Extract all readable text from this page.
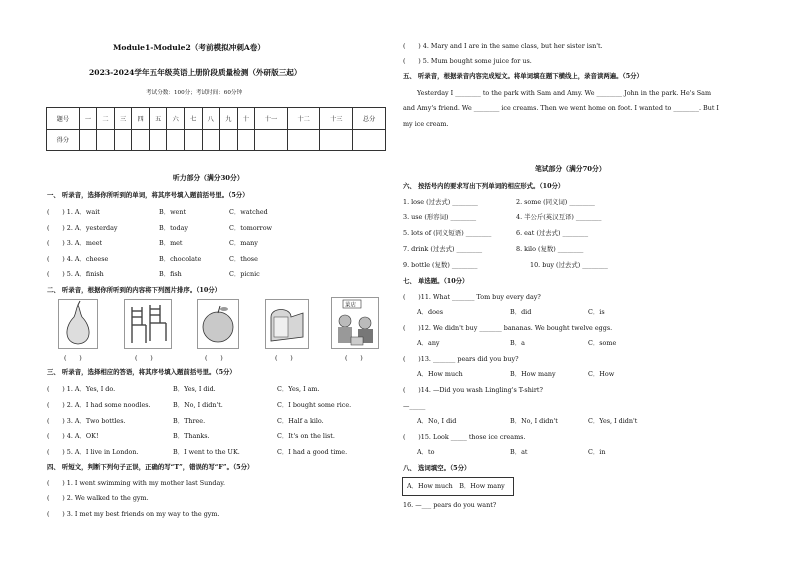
Module1-Module2（考前模拟冲刺A卷）
2023-2024学年五年级英语上册阶段质量检测（外研版三起）
考试分数：100分；考试时间：60分钟
题号	一	二	三	四	五	六	七	八	九	十	十一	十二	十三	总分
得分														
听力部分（满分30分）
一、 听录音，选择你所听到的单词，将其序号填入题前括号里。（5分）
(　　) 1. A．wait	B．went	C．watched
(　　) 2. A．yesterday	B．today	C．tomorrow
(　　) 3. A．meet	B．met	C．many
(　　) 4. A．cheese	B．chocolate	C．those
(　　) 5. A．finish	B．fish	C．picnic
二、 听录音，根据你所听到的内容将下列图片排序。（10分）
菜店
(　　)	(　　)	(　　)	(　　)	(　　)
三、 听录音，选择相应的答语，将其序号填入题前括号里。（5分）
(　　) 1. A．Yes, I do.	B．Yes, I did.	C．Yes, I am.
(　　) 2. A．I had some noodles.	B．No, I didn't.	C．I bought some rice.
(　　) 3. A．Two bottles.	B．Three.	C．Half a kilo.
(　　) 4. A．OK!	B．Thanks.	C．It's on the list.
(　　) 5. A．I live in London.	B．I went to the UK.	C．I had a good time.
四、 听短文，判断下列句子正误，正确的写“T”，错误的写“F”。（5分）
(　　) 1. I went swimming with my mother last Sunday.
(　　) 2. We walked to the gym.
(　　) 3. I met my best friends on my way to the gym.
(　　) 4. Mary and I are in the same class, but her sister isn't.
(　　) 5. Mum bought some juice for us.
五、 听录音，根据录音内容完成短文。将单词填在题下横线上，录音读两遍。（5分）
Yesterday I ________ to the park with Sam and Amy. We ________ John in the park. He's Sam
and Amy's friend. We ________ ice creams. Then we went home on foot. I wanted to ________. But I
my ice cream.
笔试部分（满分70分）
六、 按括号内的要求写出下列单词的相应形式。（10分）
1. lose (过去式) ________	2. some (同义词) ________
3. use (形容词) ________	4. 半公斤(英汉互译) ________
5. lots of (同义短语) ________	6. eat (过去式) ________
7. drink (过去式) ________	8. kilo (复数) ________
9. bottle (复数) ________	10. buy (过去式) ________
七、 单选题。（10分）
(　　)11. What _______ Tom buy every day?
A．does	B．did	C．is
(　　)12. We didn't buy _______ bananas. We bought twelve eggs.
A．any	B．a	C．some
(　　)13. _______ pears did you buy?
A．How much	B．How many	C．How
(　　)14. —Did you wash Lingling's T-shirt?
—_____
A．No, I did	B．No, I didn't	C．Yes, I didn't
(　　)15. Look _____ those ice creams.
A．to	B．at	C．in
八、 选词填空。（5分）
A．How much　B．How many
16. —___ pears do you want?
